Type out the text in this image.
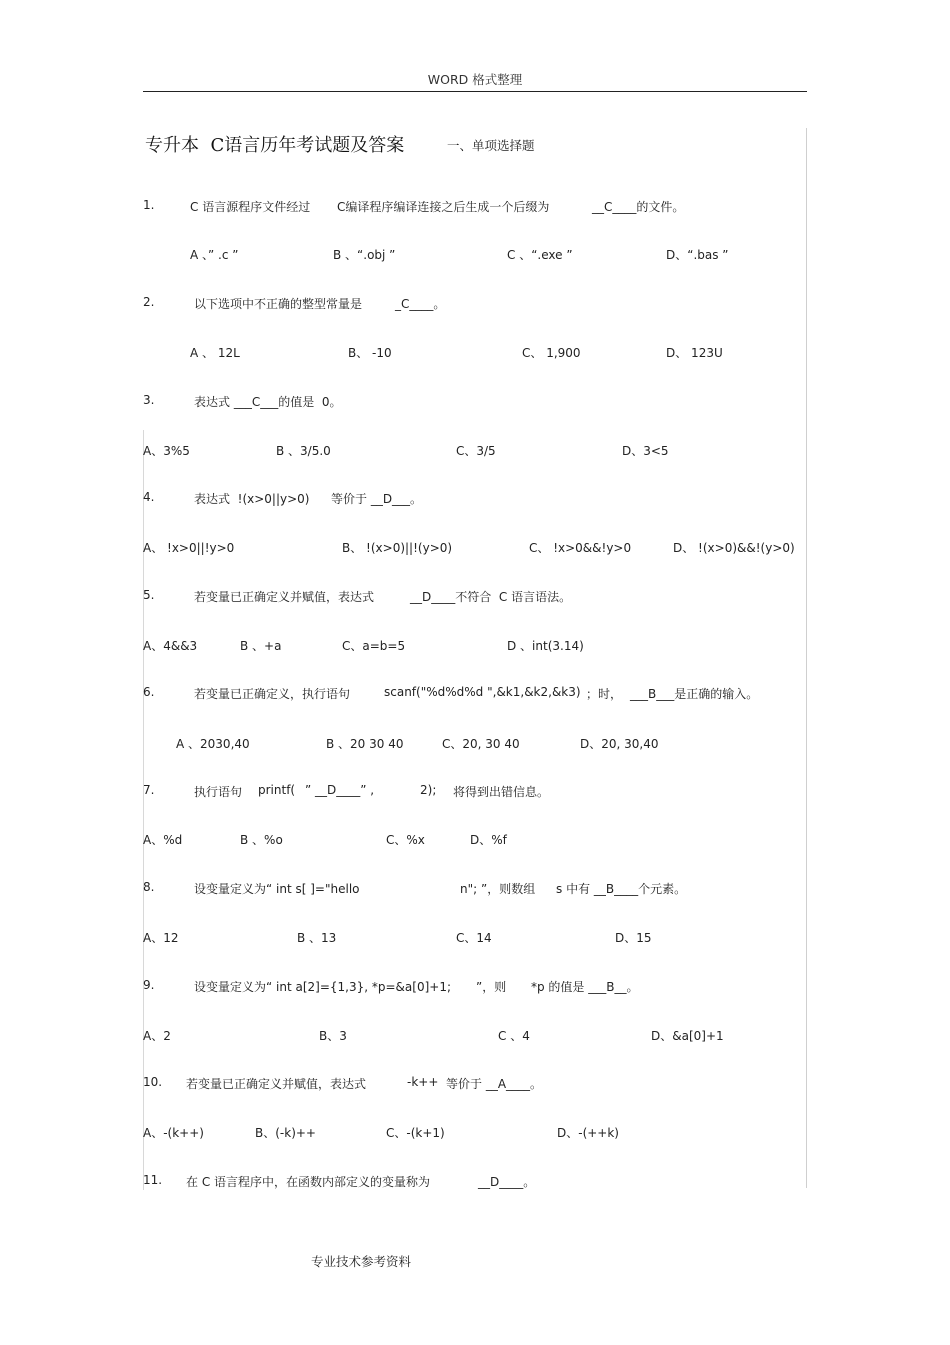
WORD 格式整理
专升本  C语言历年考试题及答案	一、单项选择题
1.	C 语言源程序文件经过 C编译程序编译连接之后生成一个后缀为	__C____的文件。
A 、” .c ”	B 、“.obj ”	C 、“.exe ”	D、“.bas ”
2.	以下选项中不正确的整型常量是	_C____。
A 、 12L	B、 -10	C、 1,900	D、 123U
3.	表达式 ___C___的值是  0。
A、3%5	B 、3/5.0	C、3/5	D、3<5
4.	表达式  !(x>0||y>0) 等价于 __D___。
A、 !x>0||!y>0	B、 !(x>0)||!(y>0)	C、 !x>0&&!y>0	D、 !(x>0)&&!(y>0)
5.	若变量已正确定义并赋值，表达式	__D____不符合  C 语言语法。
A、4&&3	B 、+a	C、a=b=5	D 、int(3.14)
6.	若变量已正确定义，执行语句	scanf("%d%d%d ",&k1,&k2,&k3) ；时， ___B___是正确的输入。
A 、2030,40	B 、20 30 40	C、20, 30 40	D、20, 30,40
7.	执行语句 printf( ” __D____” ,	2); 将得到出错信息。
A、%d	B 、%o	C、%x	D、%f
8.	设变量定义为“ int s[ ]="hello	n"; ”，则数组 s 中有 __B____个元素。
A、12	B 、13	C、14	D、15
9.	设变量定义为“ int a[2]={1,3}, *p=&a[0]+1; ”，则 *p 的值是 ___B__。
A、2	B、3	C 、4	D、&a[0]+1
10. 若变量已正确定义并赋值，表达式	-k++ 等价于 __A____。
A、-(k++)	B、(-k)++	C、-(k+1)	D、-(++k)
11. 在 C 语言程序中，在函数内部定义的变量称为	__D____。
专业技术参考资料
